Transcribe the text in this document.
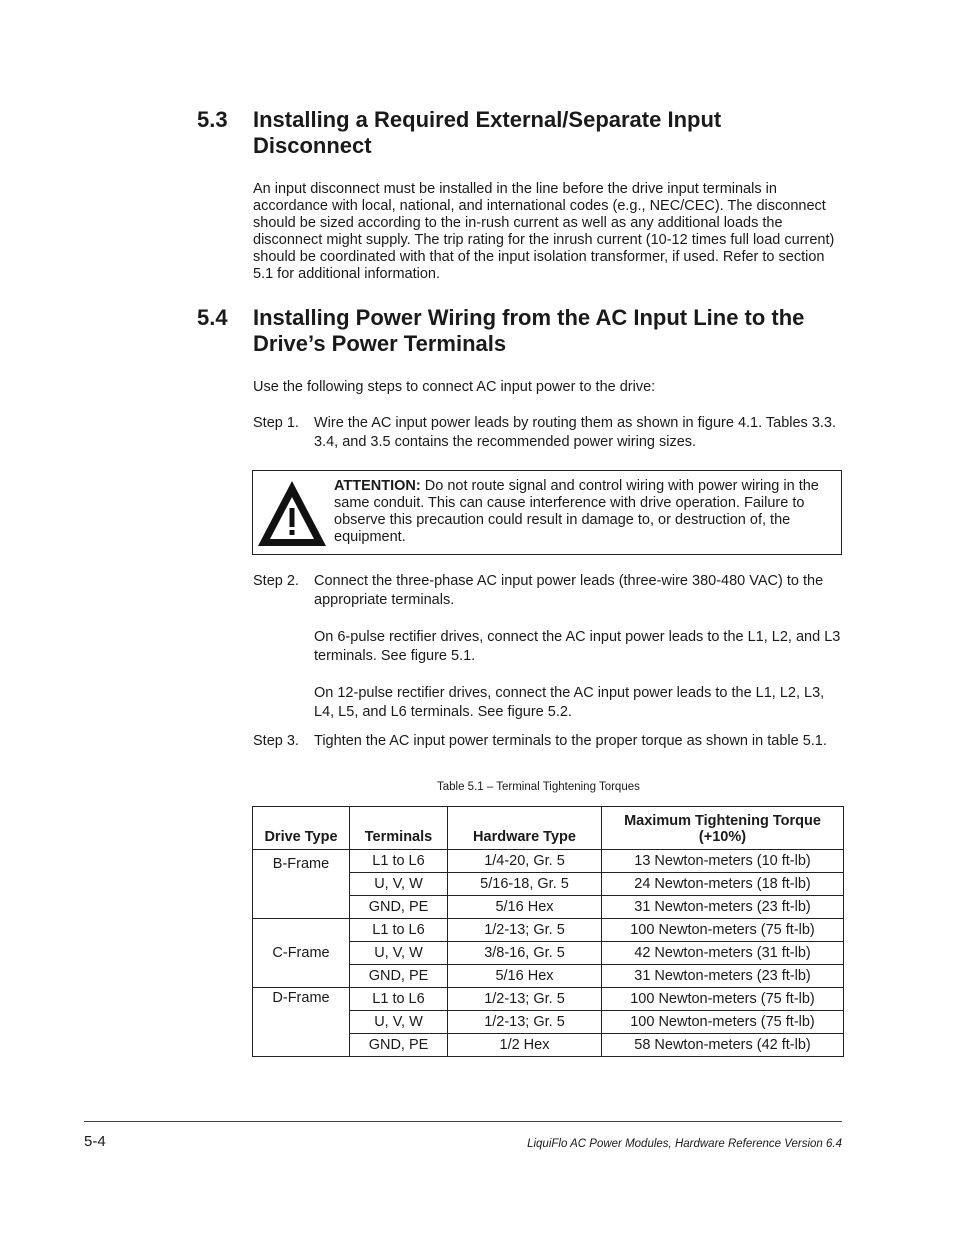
5.3 Installing a Required External/Separate Input Disconnect
An input disconnect must be installed in the line before the drive input terminals in accordance with local, national, and international codes (e.g., NEC/CEC). The disconnect should be sized according to the in-rush current as well as any additional loads the disconnect might supply. The trip rating for the inrush current (10-12 times full load current) should be coordinated with that of the input isolation transformer, if used. Refer to section 5.1 for additional information.
5.4 Installing Power Wiring from the AC Input Line to the Drive’s Power Terminals
Use the following steps to connect AC input power to the drive:
Step 1. Wire the AC input power leads by routing them as shown in figure 4.1. Tables 3.3. 3.4, and 3.5 contains the recommended power wiring sizes.
ATTENTION: Do not route signal and control wiring with power wiring in the same conduit. This can cause interference with drive operation. Failure to observe this precaution could result in damage to, or destruction of, the equipment.
Step 2. Connect the three-phase AC input power leads (three-wire 380-480 VAC) to the appropriate terminals.
On 6-pulse rectifier drives, connect the AC input power leads to the L1, L2, and L3 terminals. See figure 5.1.
On 12-pulse rectifier drives, connect the AC input power leads to the L1, L2, L3, L4, L5, and L6 terminals. See figure 5.2.
Step 3. Tighten the AC input power terminals to the proper torque as shown in table 5.1.
Table 5.1 – Terminal Tightening Torques
Drive Type	Terminals	Hardware Type	Maximum Tightening Torque
(+10%)
B-Frame	L1 to L6	1/4-20, Gr. 5	13 Newton-meters (10 ft-lb)
	U, V, W	5/16-18, Gr. 5	24 Newton-meters (18 ft-lb)
	GND, PE	5/16 Hex	31 Newton-meters (23 ft-lb)
C-Frame	L1 to L6	1/2-13; Gr. 5	100 Newton-meters (75 ft-lb)
	U, V, W	3/8-16, Gr. 5	42 Newton-meters (31 ft-lb)
	GND, PE	5/16 Hex	31 Newton-meters (23 ft-lb)
D-Frame	L1 to L6	1/2-13; Gr. 5	100 Newton-meters (75 ft-lb)
	U, V, W	1/2-13; Gr. 5	100 Newton-meters (75 ft-lb)
	GND, PE	1/2 Hex	58 Newton-meters (42 ft-lb)
5-4	LiquiFlo AC Power Modules, Hardware Reference Version 6.4
